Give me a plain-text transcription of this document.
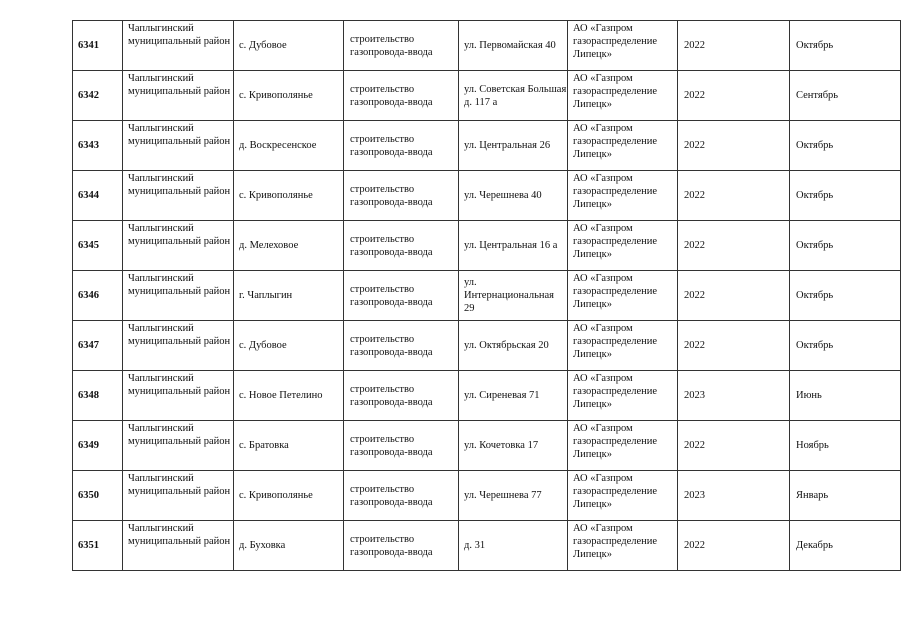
6341	Чаплыгинский муниципальный район	с. Дубовое	строительство газопровода-ввода	ул. Первомайская 40	АО «Газпром газораспределение Липецк»	2022	Октябрь
6342	Чаплыгинский муниципальный район	с. Кривополянье	строительство газопровода-ввода	ул. Советская Большая д. 117 а	АО «Газпром газораспределение Липецк»	2022	Сентябрь
6343	Чаплыгинский муниципальный район	д. Воскресенское	строительство газопровода-ввода	ул. Центральная 26	АО «Газпром газораспределение Липецк»	2022	Октябрь
6344	Чаплыгинский муниципальный район	с. Кривополянье	строительство газопровода-ввода	ул. Черешнева 40	АО «Газпром газораспределение Липецк»	2022	Октябрь
6345	Чаплыгинский муниципальный район	д. Мелеховое	строительство газопровода-ввода	ул. Центральная 16 а	АО «Газпром газораспределение Липецк»	2022	Октябрь
6346	Чаплыгинский муниципальный район	г. Чаплыгин	строительство газопровода-ввода	ул. Интернациональная 29	АО «Газпром газораспределение Липецк»	2022	Октябрь
6347	Чаплыгинский муниципальный район	с. Дубовое	строительство газопровода-ввода	ул. Октябрьская 20	АО «Газпром газораспределение Липецк»	2022	Октябрь
6348	Чаплыгинский муниципальный район	с. Новое Петелино	строительство газопровода-ввода	ул. Сиреневая 71	АО «Газпром газораспределение Липецк»	2023	Июнь
6349	Чаплыгинский муниципальный район	с. Братовка	строительство газопровода-ввода	ул. Кочетовка 17	АО «Газпром газораспределение Липецк»	2022	Ноябрь
6350	Чаплыгинский муниципальный район	с. Кривополянье	строительство газопровода-ввода	ул. Черешнева 77	АО «Газпром газораспределение Липецк»	2023	Январь
6351	Чаплыгинский муниципальный район	д. Буховка	строительство газопровода-ввода	д. 31	АО «Газпром газораспределение Липецк»	2022	Декабрь
